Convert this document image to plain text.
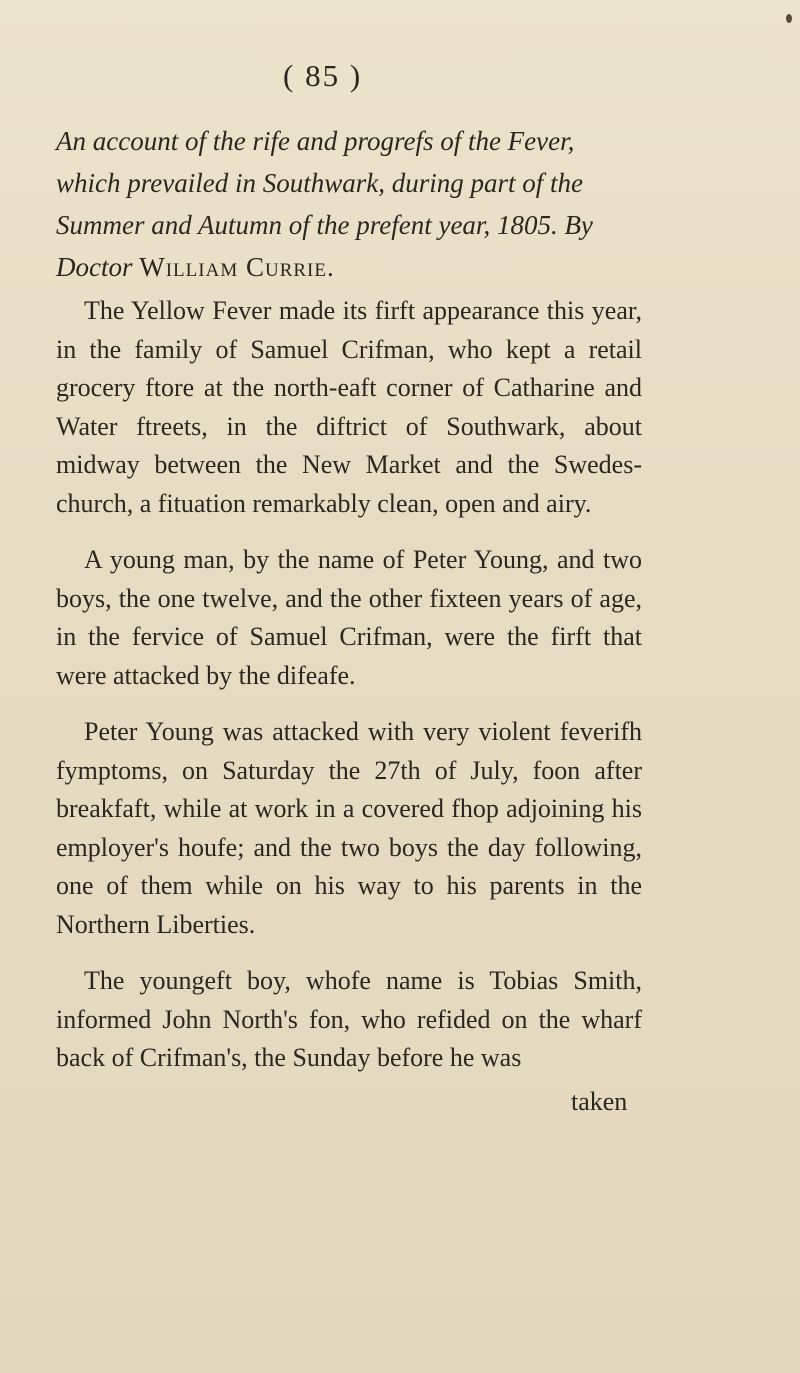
( 85 )
An account of the rife and progrefs of the Fever,
which prevailed in Southwark, during part of the
Summer and Autumn of the prefent year, 1805. By
Doctor William Currie.

The Yellow Fever made its firft appearance this year, in the family of Samuel Crifman, who kept a retail grocery ftore at the north-eaft corner of Catharine and Water ftreets, in the diftrict of Southwark, about midway between the New Market and the Swedes-church, a fituation remarkably clean, open and airy.

A young man, by the name of Peter Young, and two boys, the one twelve, and the other fixteen years of age, in the fervice of Samuel Crifman, were the firft that were attacked by the difeafe.

Peter Young was attacked with very violent feverifh fymptoms, on Saturday the 27th of July, foon after breakfaft, while at work in a covered fhop adjoining his employer's houfe; and the two boys the day following, one of them while on his way to his parents in the Northern Liberties.

The youngeft boy, whofe name is Tobias Smith, informed John North's fon, who refided on the wharf back of Crifman's, the Sunday before he was

taken
